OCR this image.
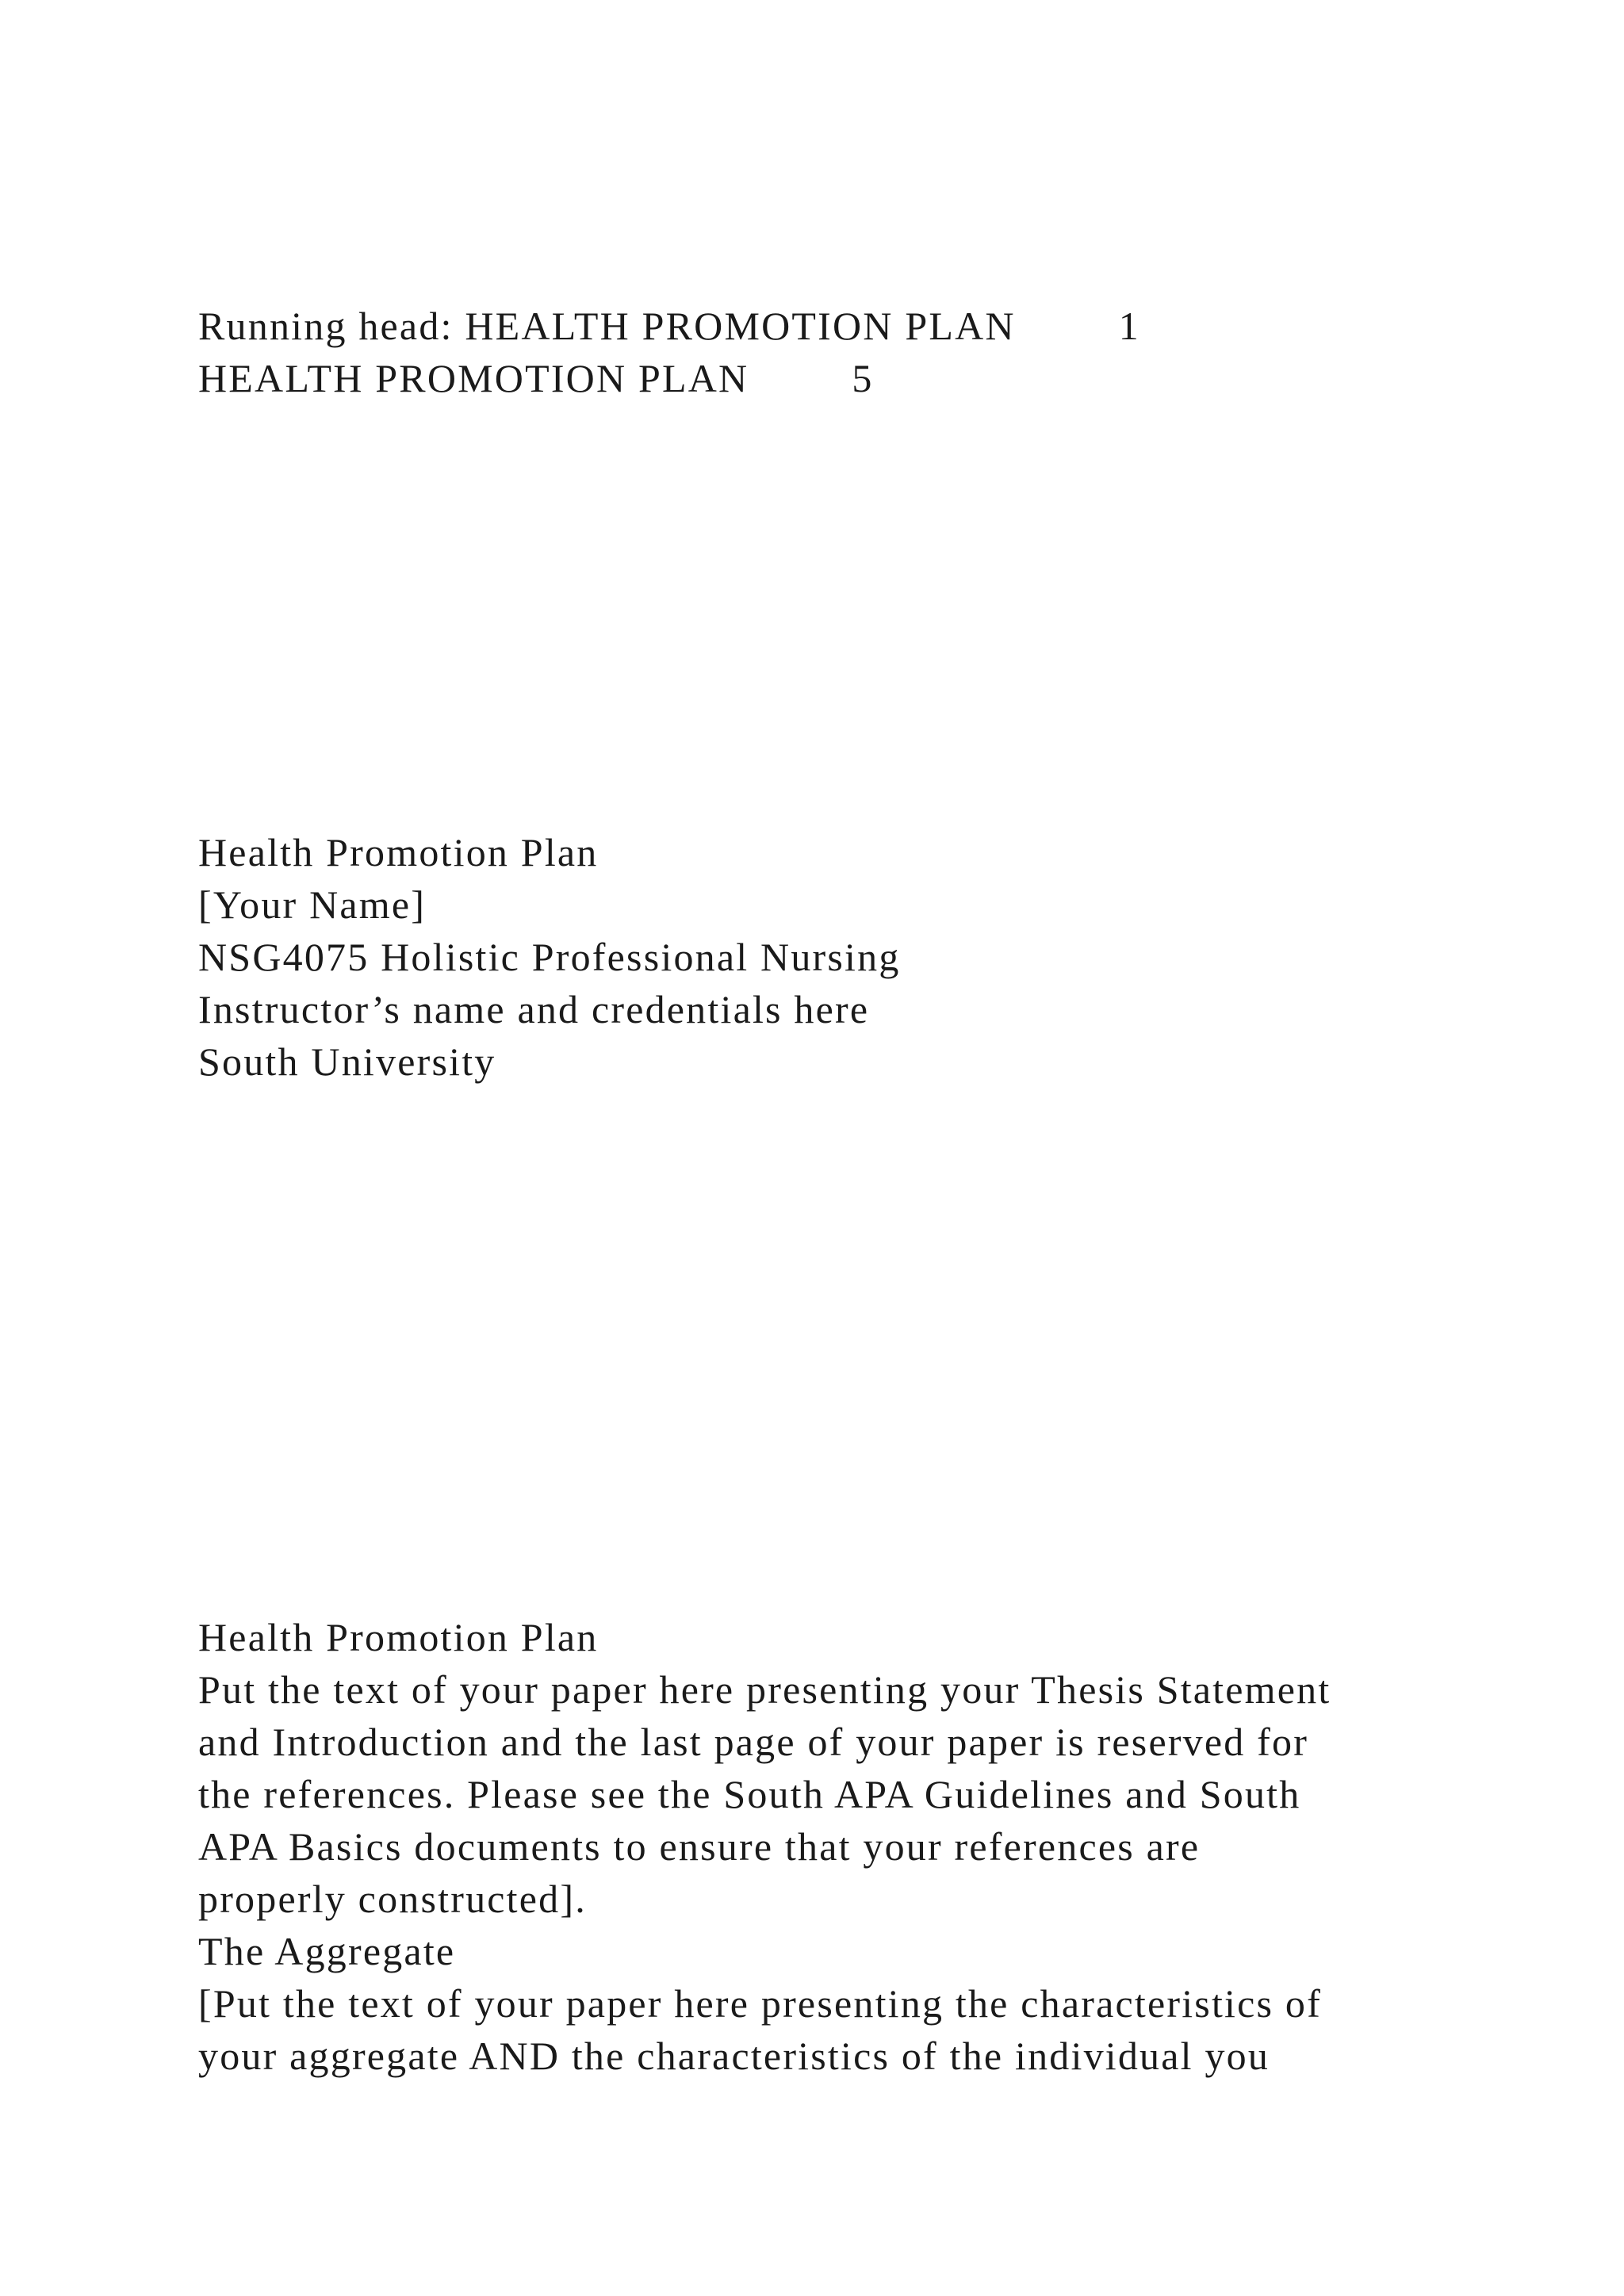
Running head: HEALTH PROMOTION PLAN	1
HEALTH PROMOTION PLAN	5
Health Promotion Plan
[Your Name]
NSG4075 Holistic Professional Nursing
Instructor’s name and credentials here
South University
Health Promotion Plan
Put the text of your paper here presenting your Thesis Statement
and Introduction and the last page of your paper is reserved for
the references. Please see the South APA Guidelines and South
APA Basics documents to ensure that your references are
properly constructed].
The Aggregate
[Put the text of your paper here presenting the characteristics of
your aggregate AND the characteristics of the individual you
